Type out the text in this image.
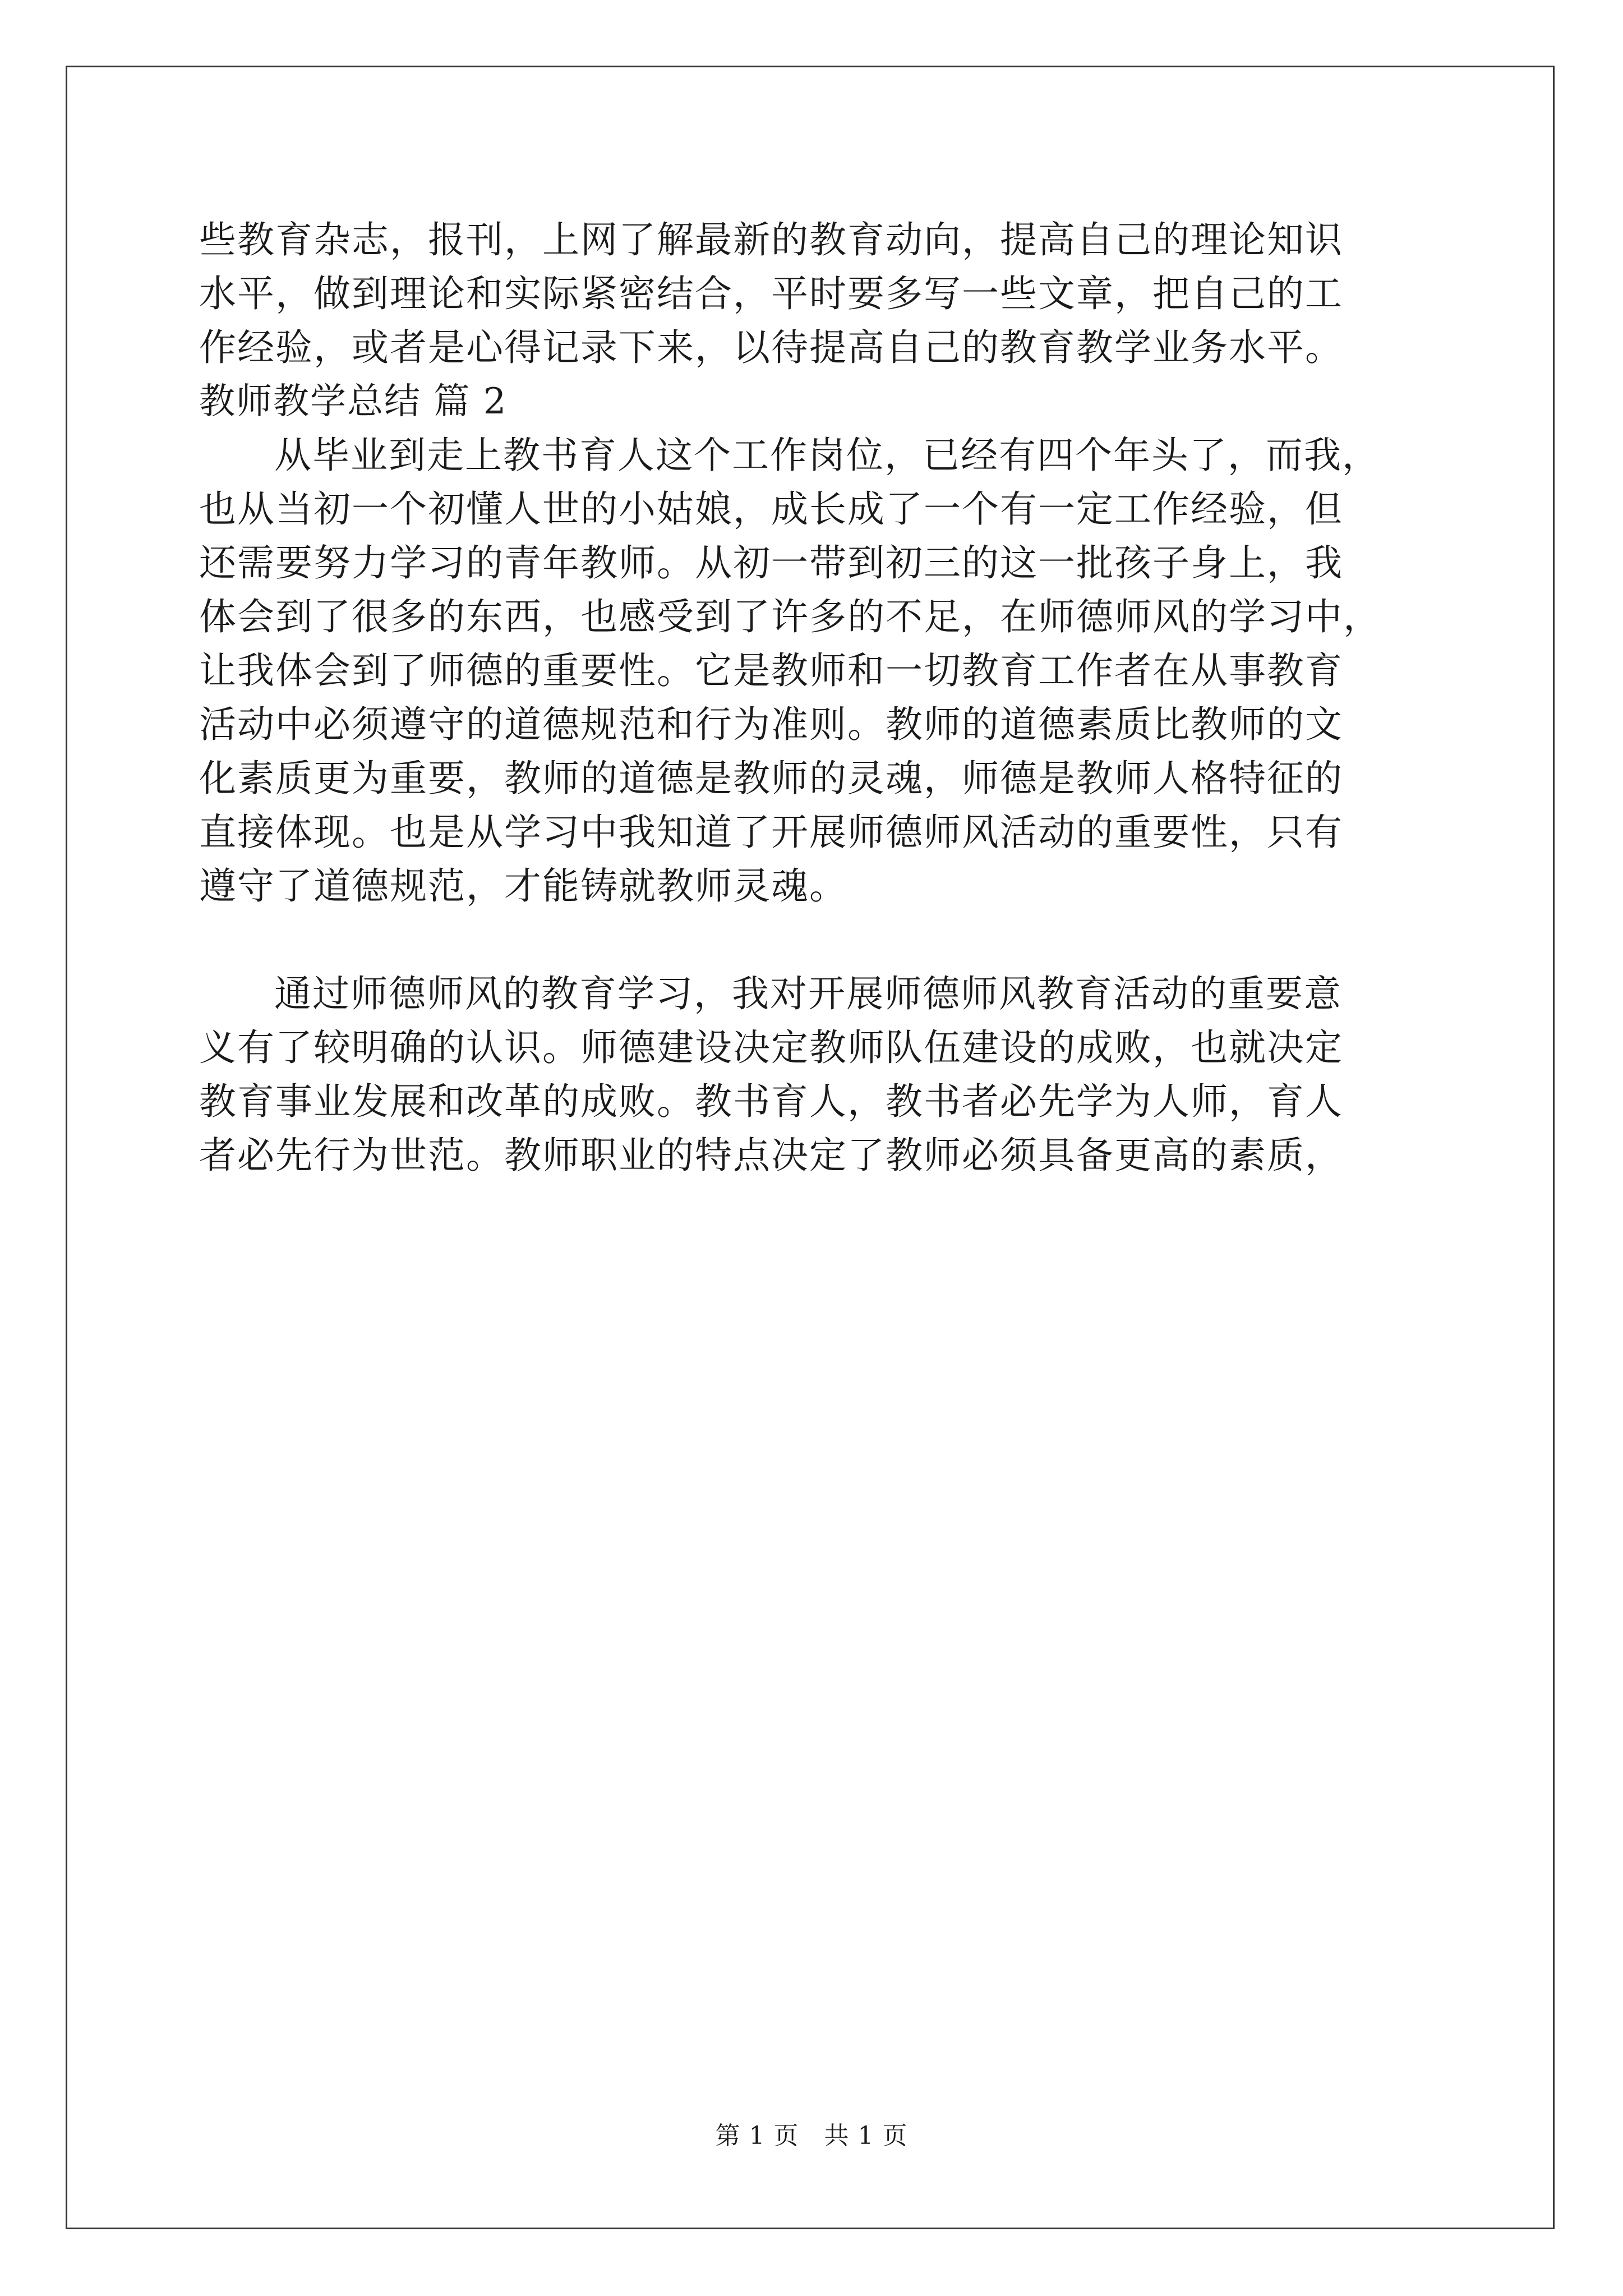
些教育杂志，报刊，上网了解最新的教育动向，提高自己的理论知识
水平，做到理论和实际紧密结合，平时要多写一些文章，把自己的工
作经验，或者是心得记录下来，以待提高自己的教育教学业务水平。
教师教学总结 篇 2
从毕业到走上教书育人这个工作岗位，已经有四个年头了，而我，
也从当初一个初懂人世的小姑娘，成长成了一个有一定工作经验，但
还需要努力学习的青年教师。从初一带到初三的这一批孩子身上，我
体会到了很多的东西，也感受到了许多的不足，在师德师风的学习中，
让我体会到了师德的重要性。它是教师和一切教育工作者在从事教育
活动中必须遵守的道德规范和行为准则。教师的道德素质比教师的文
化素质更为重要，教师的道德是教师的灵魂，师德是教师人格特征的
直接体现。也是从学习中我知道了开展师德师风活动的重要性，只有
遵守了道德规范，才能铸就教师灵魂。
通过师德师风的教育学习，我对开展师德师风教育活动的重要意
义有了较明确的认识。师德建设决定教师队伍建设的成败，也就决定
教育事业发展和改革的成败。教书育人，教书者必先学为人师，育人
者必先行为世范。教师职业的特点决定了教师必须具备更高的素质，
第 1 页　共 1 页
